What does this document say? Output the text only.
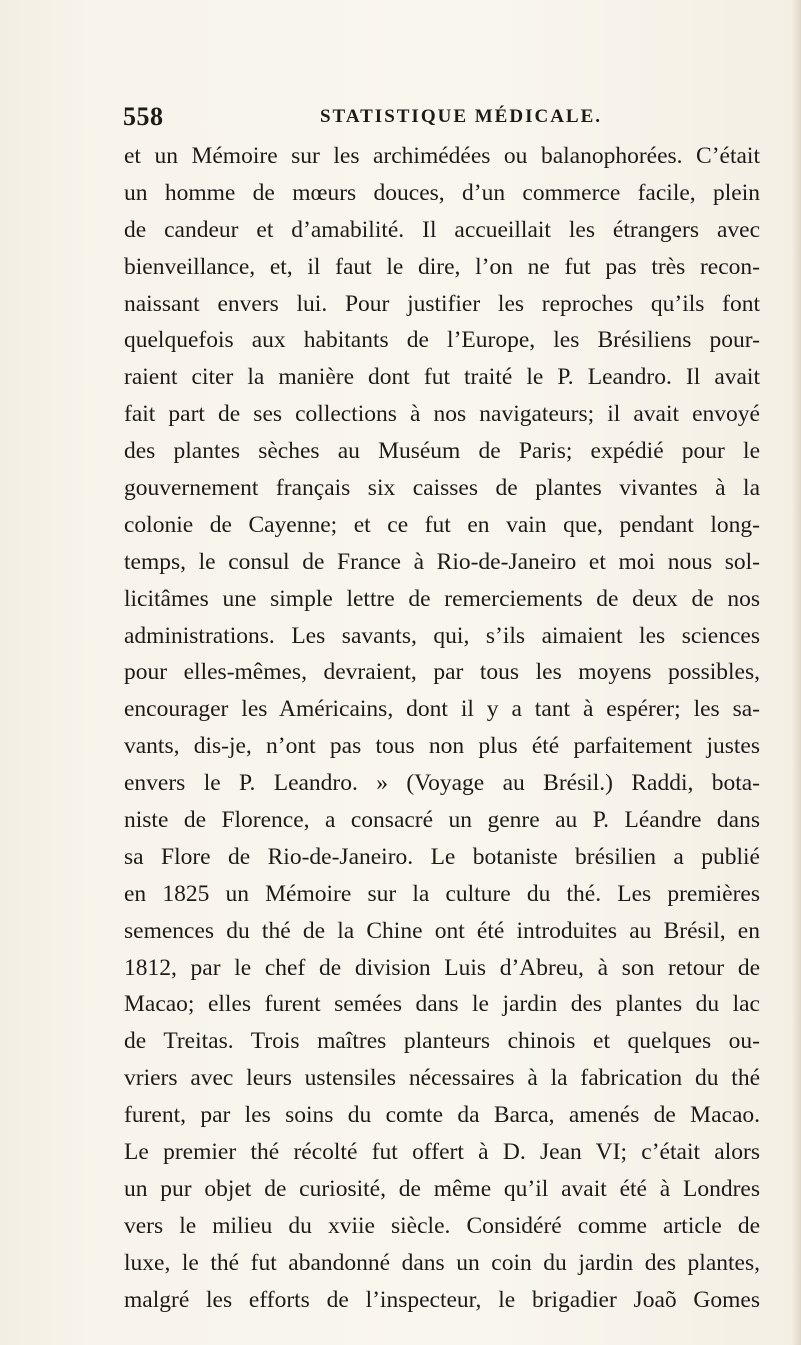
558	STATISTIQUE MÉDICALE.
et un Mémoire sur les archimédées ou balanophorées. C’était
un homme de mœurs douces, d’un commerce facile, plein
de candeur et d’amabilité. Il accueillait les étrangers avec
bienveillance, et, il faut le dire, l’on ne fut pas très recon-
naissant envers lui. Pour justifier les reproches qu’ils font
quelquefois aux habitants de l’Europe, les Brésiliens pour-
raient citer la manière dont fut traité le P. Leandro. Il avait
fait part de ses collections à nos navigateurs; il avait envoyé
des plantes sèches au Muséum de Paris; expédié pour le
gouvernement français six caisses de plantes vivantes à la
colonie de Cayenne; et ce fut en vain que, pendant long-
temps, le consul de France à Rio-de-Janeiro et moi nous sol-
licitâmes une simple lettre de remerciements de deux de nos
administrations. Les savants, qui, s’ils aimaient les sciences
pour elles-mêmes, devraient, par tous les moyens possibles,
encourager les Américains, dont il y a tant à espérer; les sa-
vants, dis-je, n’ont pas tous non plus été parfaitement justes
envers le P. Leandro. » (Voyage au Brésil.) Raddi, bota-
niste de Florence, a consacré un genre au P. Léandre dans
sa Flore de Rio-de-Janeiro. Le botaniste brésilien a publié
en 1825 un Mémoire sur la culture du thé. Les premières
semences du thé de la Chine ont été introduites au Brésil, en
1812, par le chef de division Luis d’Abreu, à son retour de
Macao; elles furent semées dans le jardin des plantes du lac
de Treitas. Trois maîtres planteurs chinois et quelques ou-
vriers avec leurs ustensiles nécessaires à la fabrication du thé
furent, par les soins du comte da Barca, amenés de Macao.
Le premier thé récolté fut offert à D. Jean VI; c’était alors
un pur objet de curiosité, de même qu’il avait été à Londres
vers le milieu du xviie siècle. Considéré comme article de
luxe, le thé fut abandonné dans un coin du jardin des plantes,
malgré les efforts de l’inspecteur, le brigadier Joaõ Gomes
